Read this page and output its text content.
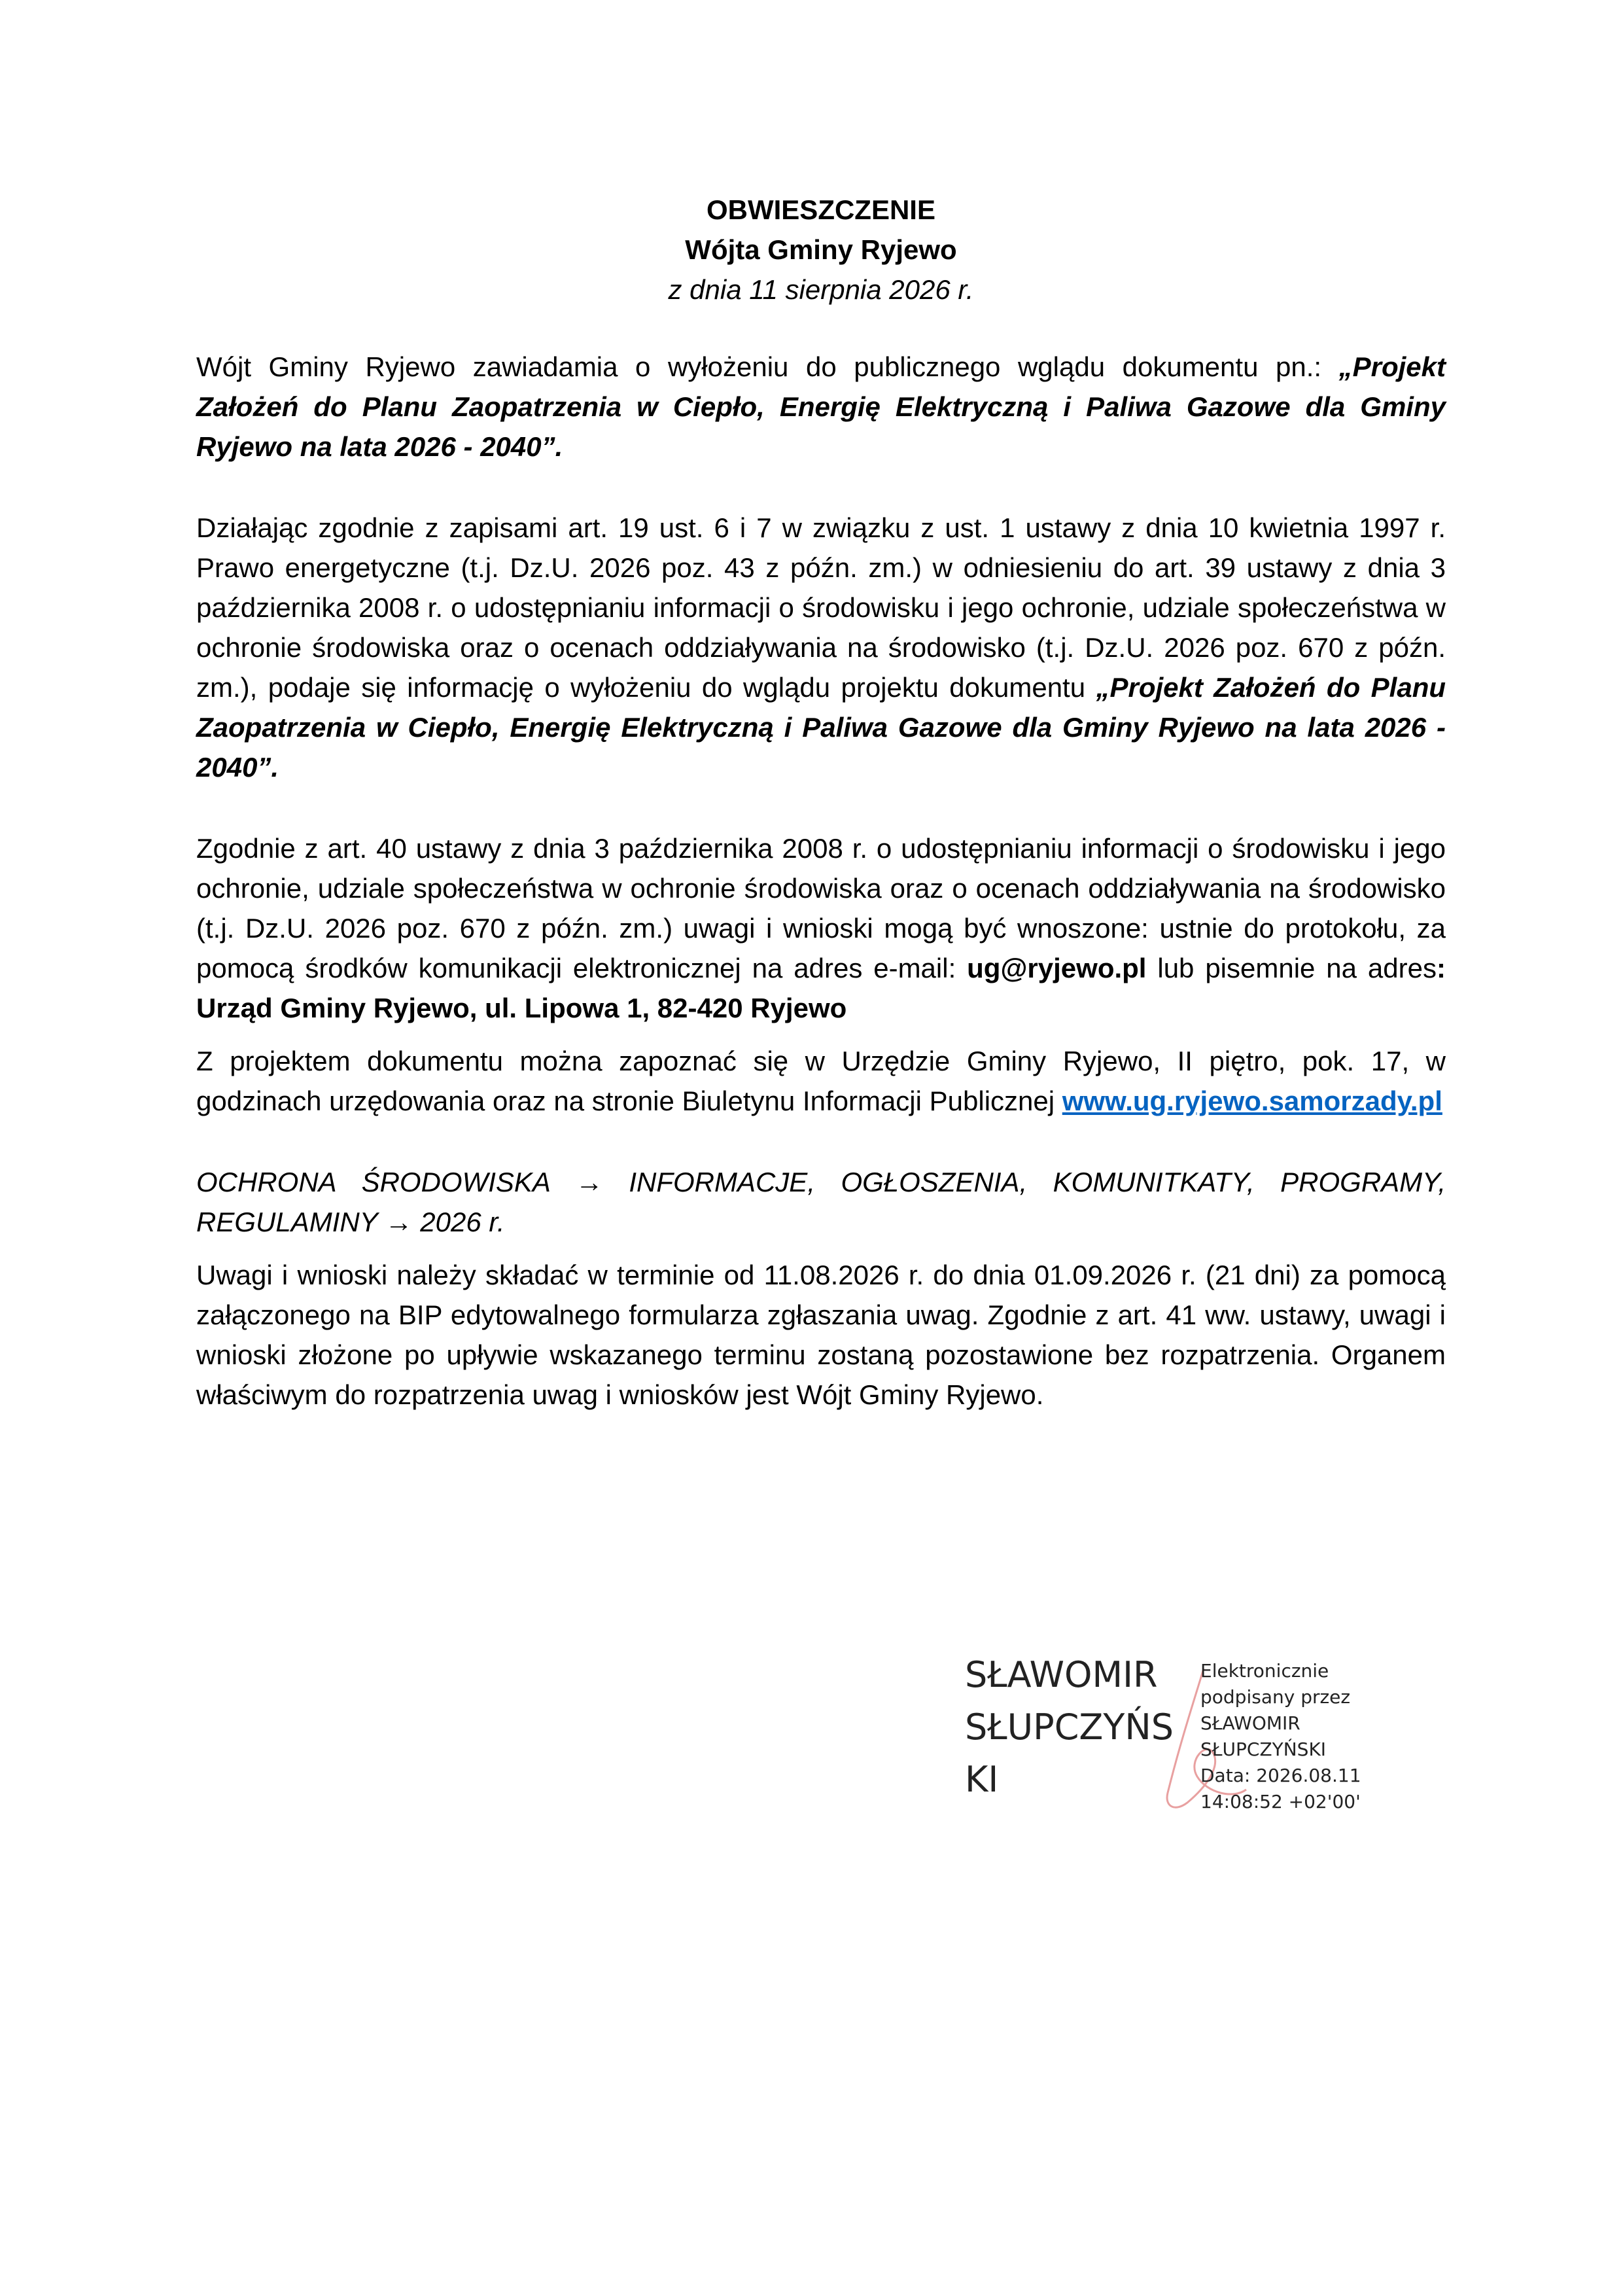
OBWIESZCZENIE
Wójta Gminy Ryjewo
z dnia 11 sierpnia 2026 r.

Wójt Gminy Ryjewo zawiadamia o wyłożeniu do publicznego wglądu dokumentu pn.: „Projekt Założeń do Planu Zaopatrzenia w Ciepło, Energię Elektryczną i Paliwa Gazowe dla Gminy Ryjewo na lata 2026 - 2040”.

Działając zgodnie z zapisami art. 19 ust. 6 i 7 w związku z ust. 1 ustawy z dnia 10 kwietnia 1997 r. Prawo energetyczne (t.j. Dz.U. 2026 poz. 43 z późn. zm.) w odniesieniu do art. 39 ustawy z dnia 3 października 2008 r. o udostępnianiu informacji o środowisku i jego ochronie, udziale społeczeństwa w ochronie środowiska oraz o ocenach oddziaływania na środowisko (t.j. Dz.U. 2026 poz. 670 z późn. zm.), podaje się informację o wyłożeniu do wglądu projektu dokumentu „Projekt Założeń do Planu Zaopatrzenia w Ciepło, Energię Elektryczną i Paliwa Gazowe dla Gminy Ryjewo na lata 2026 - 2040”.

Zgodnie z art. 40 ustawy z dnia 3 października 2008 r. o udostępnianiu informacji o środowisku i jego ochronie, udziale społeczeństwa w ochronie środowiska oraz o ocenach oddziaływania na środowisko (t.j. Dz.U. 2026 poz. 670 z późn. zm.) uwagi i wnioski mogą być wnoszone: ustnie do protokołu, za pomocą środków komunikacji elektronicznej na adres e-mail: ug@ryjewo.pl lub pisemnie na adres: Urząd Gminy Ryjewo, ul. Lipowa 1, 82-420 Ryjewo

Z projektem dokumentu można zapoznać się w Urzędzie Gminy Ryjewo, II piętro, pok. 17, w godzinach urzędowania oraz na stronie Biuletynu Informacji Publicznej www.ug.ryjewo.samorzady.pl

OCHRONA ŚRODOWISKA → INFORMACJE, OGŁOSZENIA, KOMUNITKATY, PROGRAMY, REGULAMINY → 2026 r.

Uwagi i wnioski należy składać w terminie od 11.08.2026 r. do dnia 01.09.2026 r. (21 dni) za pomocą załączonego na BIP edytowalnego formularza zgłaszania uwag. Zgodnie z art. 41 ww. ustawy, uwagi i wnioski złożone po upływie wskazanego terminu zostaną pozostawione bez rozpatrzenia. Organem właściwym do rozpatrzenia uwag i wniosków jest Wójt Gminy Ryjewo.

SŁAWOMIR
SŁUPCZYŃS
KI
Elektronicznie
podpisany przez
SŁAWOMIR
SŁUPCZYŃSKI
Data: 2026.08.11
14:08:52 +02'00'
